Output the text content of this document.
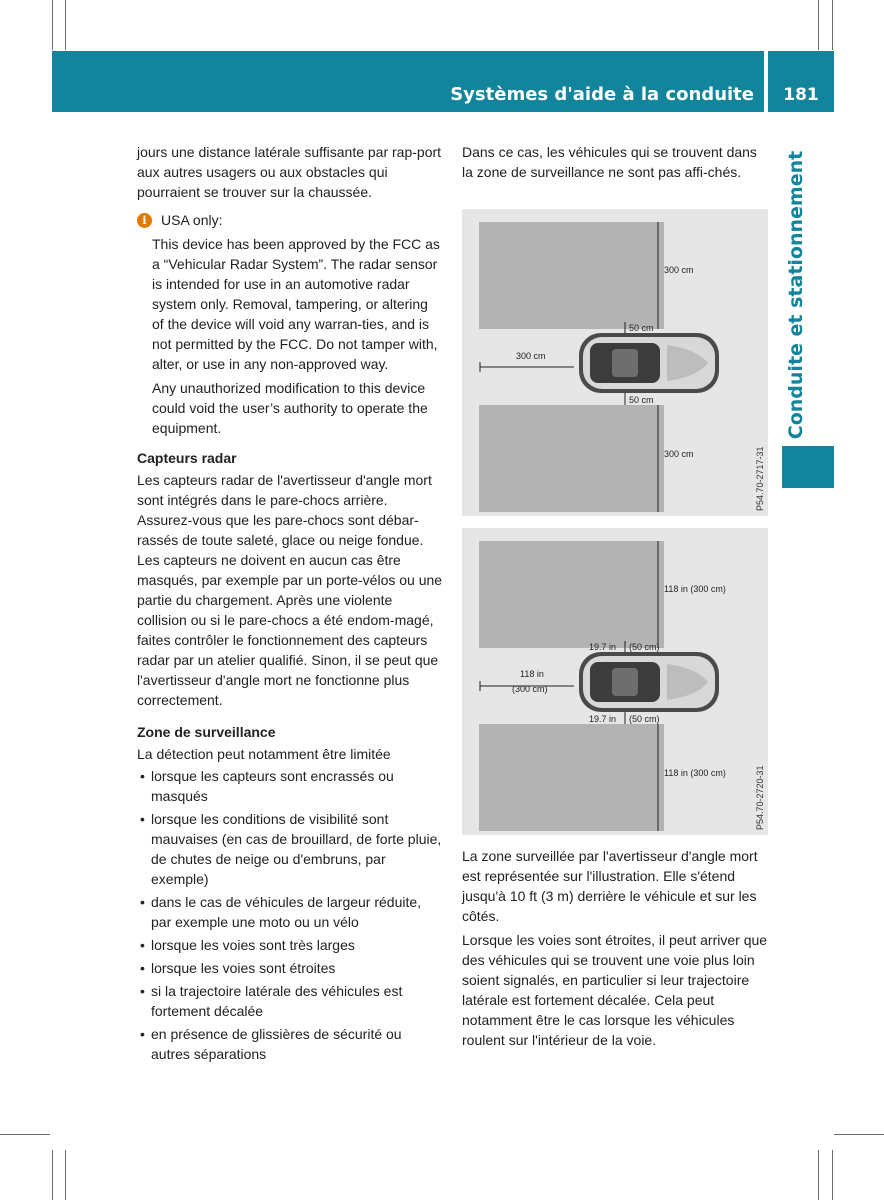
Systèmes d'aide à la conduite	181
Conduite et stationnement

jours une distance latérale suffisante par rap-port aux autres usagers ou aux obstacles qui pourraient se trouver sur la chaussée.

i	USA only:

This device has been approved by the FCC as a “Vehicular Radar System”. The radar sensor is intended for use in an automotive radar system only. Removal, tampering, or altering of the device will void any warran-ties, and is not permitted by the FCC. Do not tamper with, alter, or use in any non-approved way.

Any unauthorized modification to this device could void the user’s authority to operate the equipment.

Capteurs radar

Les capteurs radar de l'avertisseur d'angle mort sont intégrés dans le pare-chocs arrière. Assurez-vous que les pare-chocs sont débar-rassés de toute saleté, glace ou neige fondue. Les capteurs ne doivent en aucun cas être masqués, par exemple par un porte-vélos ou une partie du chargement. Après une violente collision ou si le pare-chocs a été endom-magé, faites contrôler le fonctionnement des capteurs radar par un atelier qualifié. Sinon, il se peut que l'avertisseur d'angle mort ne fonctionne plus correctement.

Zone de surveillance

La détection peut notamment être limitée

• lorsque les capteurs sont encrassés ou masqués
• lorsque les conditions de visibilité sont mauvaises (en cas de brouillard, de forte pluie, de chutes de neige ou d'embruns, par exemple)
• dans le cas de véhicules de largeur réduite, par exemple une moto ou un vélo
• lorsque les voies sont très larges
• lorsque les voies sont étroites
• si la trajectoire latérale des véhicules est fortement décalée
• en présence de glissières de sécurité ou autres séparations

Dans ce cas, les véhicules qui se trouvent dans la zone de surveillance ne sont pas affi-chés.

300 cm
300 cm
50 cm
50 cm
300 cm	P54.70-2717-31
118 in
(300 cm)
118 in (300 cm)
19.7 in (50 cm)
19.7 in (50 cm)
118 in (300 cm)	P54.70-2720-31

La zone surveillée par l'avertisseur d'angle mort est représentée sur l'illustration. Elle s'étend jusqu'à 10 ft (3 m) derrière le véhicule et sur les côtés.

Lorsque les voies sont étroites, il peut arriver que des véhicules qui se trouvent une voie plus loin soient signalés, en particulier si leur trajectoire latérale est fortement décalée. Cela peut notamment être le cas lorsque les véhicules roulent sur l'intérieur de la voie.
